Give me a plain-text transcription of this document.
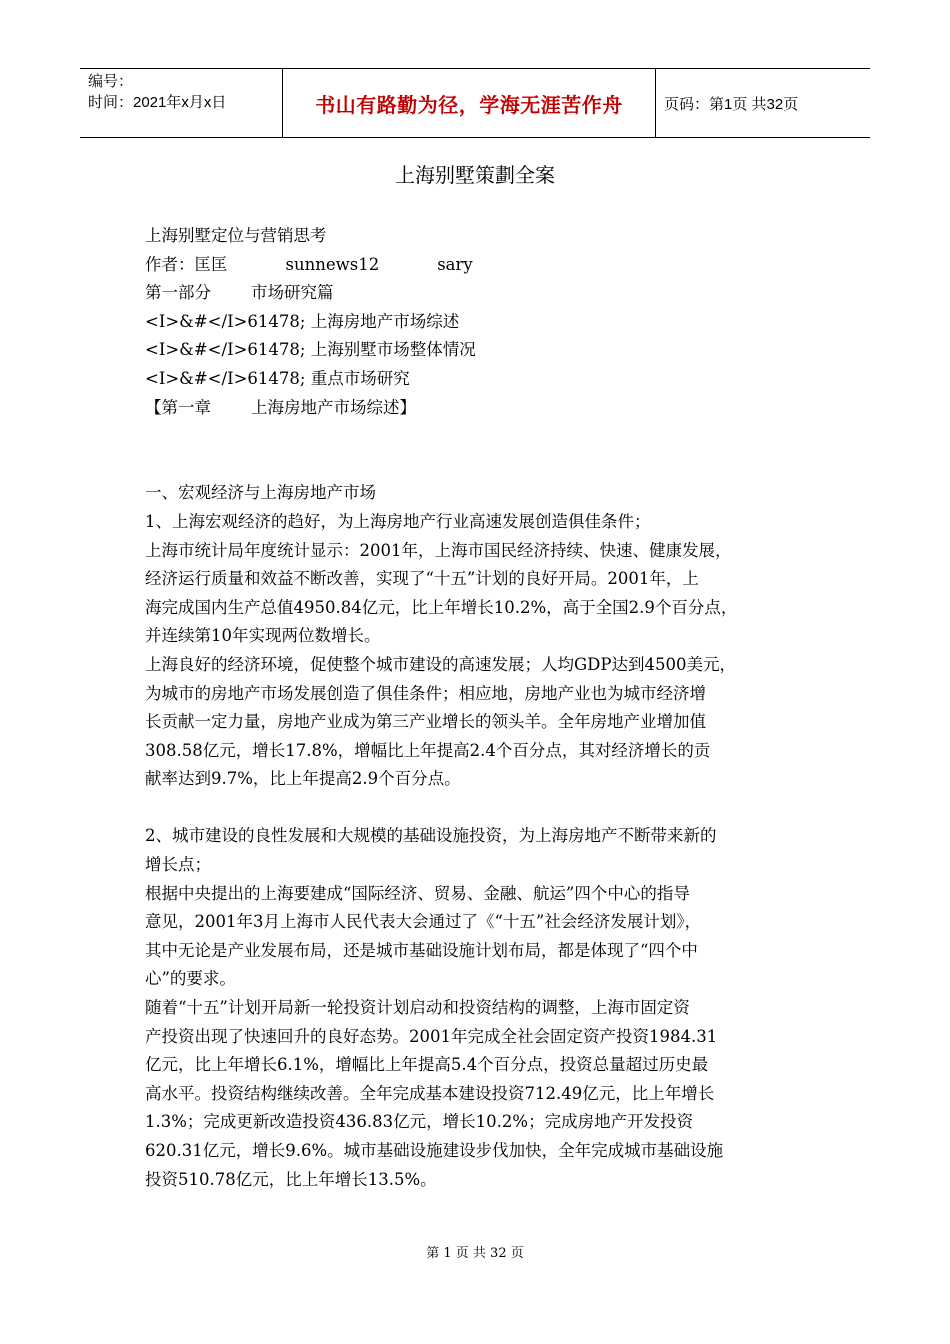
编号：
时间：2021年x月x日	书山有路勤为径，学海无涯苦作舟	页码：第1页 共32页
上海别墅策劃全案

上海别墅定位与营销思考

作者：匡匡	sunnews12	sary

第一部分 市场研究篇

<I>&#</I>61478; 上海房地产市场综述

<I>&#</I>61478; 上海别墅市场整体情况

<I>&#</I>61478; 重点市场研究

【第一章 上海房地产市场综述】

一、宏观经济与上海房地产市场

1、上海宏观经济的趋好，为上海房地产行业高速发展创造俱佳条件；

上海市统计局年度统计显示：2001年，上海市国民经济持续、快速、健康发展，

经济运行质量和效益不断改善，实现了“十五”计划的良好开局。2001年，上

海完成国内生产总值4950.84亿元，比上年增长10.2%，高于全国2.9个百分点，

并连续第10年实现两位数增长。

上海良好的经济环境，促使整个城市建设的高速发展；人均GDP达到4500美元，

为城市的房地产市场发展创造了俱佳条件；相应地，房地产业也为城市经济增

长贡献一定力量，房地产业成为第三产业增长的领头羊。全年房地产业增加值

308.58亿元，增长17.8%，增幅比上年提高2.4个百分点，其对经济增长的贡

献率达到9.7%，比上年提高2.9个百分点。

2、城市建设的良性发展和大规模的基础设施投资，为上海房地产不断带来新的

增长点；

根据中央提出的上海要建成“国际经济、贸易、金融、航运”四个中心的指导

意见，2001年3月上海市人民代表大会通过了《“十五”社会经济发展计划》，

其中无论是产业发展布局，还是城市基础设施计划布局，都是体现了“四个中

心”的要求。

随着“十五”计划开局新一轮投资计划启动和投资结构的调整，上海市固定资

产投资出现了快速回升的良好态势。2001年完成全社会固定资产投资1984.31

亿元，比上年增长6.1%，增幅比上年提高5.4个百分点，投资总量超过历史最

高水平。投资结构继续改善。全年完成基本建设投资712.49亿元，比上年增长

1.3%；完成更新改造投资436.83亿元，增长10.2%；完成房地产开发投资

620.31亿元，增长9.6%。城市基础设施建设步伐加快，全年完成城市基础设施

投资510.78亿元，比上年增长13.5%。

第 1 页 共 32 页
